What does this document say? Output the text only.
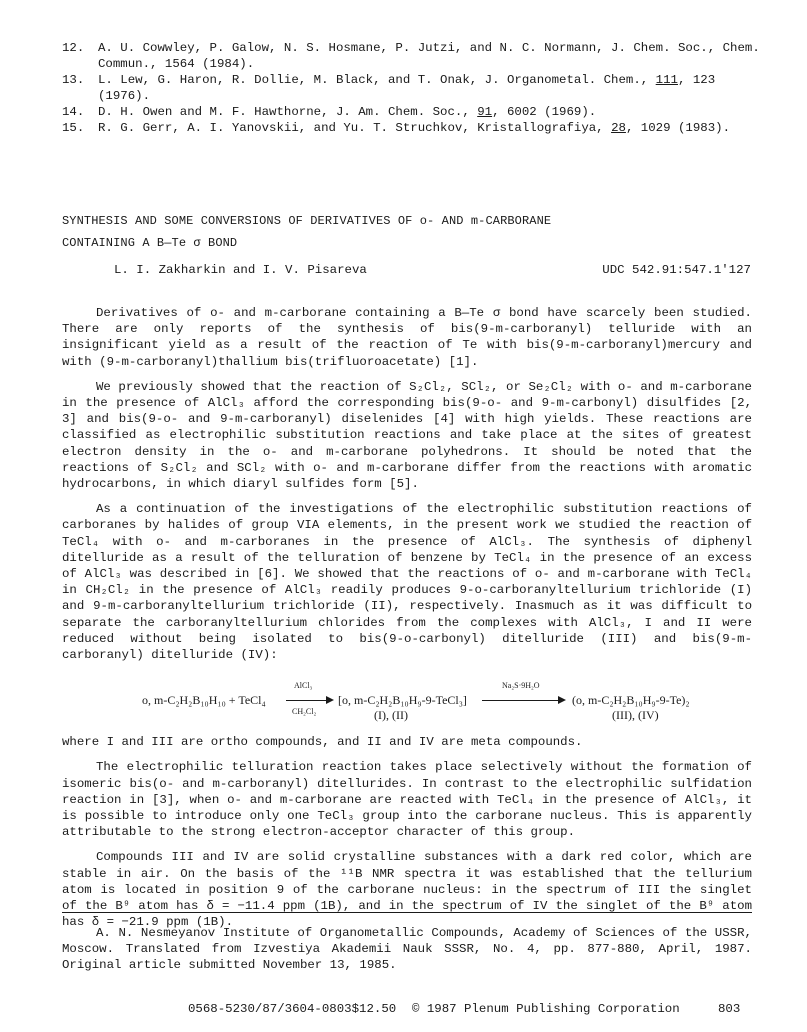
12.	A. U. Cowwley, P. Galow, N. S. Hosmane, P. Jutzi, and N. C. Normann, J. Chem. Soc., Chem. Commun., 1564 (1984).
13.	L. Lew, G. Haron, R. Dollie, M. Black, and T. Onak, J. Organometal. Chem., 111, 123 (1976).
14.	D. H. Owen and M. F. Hawthorne, J. Am. Chem. Soc., 91, 6002 (1969).
15.	R. G. Gerr, A. I. Yanovskii, and Yu. T. Struchkov, Kristallografiya, 28, 1029 (1983).
SYNTHESIS AND SOME CONVERSIONS OF DERIVATIVES OF o- AND m-CARBORANE
CONTAINING A B—Te σ BOND
L. I. Zakharkin and I. V. Pisareva	UDC 542.91:547.1'127

Derivatives of o- and m-carborane containing a B—Te σ bond have scarcely been studied. There are only reports of the synthesis of bis(9-m-carboranyl) telluride with an insignificant yield as a result of the reaction of Te with bis(9-m-carboranyl)mercury and with (9-m-carboranyl)thallium bis(trifluoroacetate) [1].

We previously showed that the reaction of S₂Cl₂, SCl₂, or Se₂Cl₂ with o- and m-carborane in the presence of AlCl₃ afford the corresponding bis(9-o- and 9-m-carbonyl) disulfides [2, 3] and bis(9-o- and 9-m-carboranyl) diselenides [4] with high yields. These reactions are classified as electrophilic substitution reactions and take place at the sites of greatest electron density in the o- and m-carborane polyhedrons. It should be noted that the reactions of S₂Cl₂ and SCl₂ with o- and m-carborane differ from the reactions with aromatic hydrocarbons, in which diaryl sulfides form [5].

As a continuation of the investigations of the electrophilic substitution reactions of carboranes by halides of group VIA elements, in the present work we studied the reaction of TeCl₄ with o- and m-carboranes in the presence of AlCl₃. The synthesis of diphenyl ditelluride as a result of the telluration of benzene by TeCl₄ in the presence of an excess of AlCl₃ was described in [6]. We showed that the reactions of o- and m-carborane with TeCl₄ in CH₂Cl₂ in the presence of AlCl₃ readily produces 9-o-carboranyltellurium trichloride (I) and 9-m-carboranyltellurium trichloride (II), respectively. Inasmuch as it was difficult to separate the carboranyltellurium chlorides from the complexes with AlCl₃, I and II were reduced without being isolated to bis(9-o-carbonyl) ditelluride (III) and bis(9-m-carboranyl) ditelluride (IV):

o, m-C₂H₂B₁₀H₁₀ + TeCl₄
AlCl₃
CH₂Cl₂
[o, m-C₂H₂B₁₀H₉-9-TeCl₃]
(I), (II)
Na₂S·9H₂O
(o, m-C₂H₂B₁₀H₉-9-Te)₂
(III), (IV)

where I and III are ortho compounds, and II and IV are meta compounds.

The electrophilic telluration reaction takes place selectively without the formation of isomeric bis(o- and m-carboranyl) ditellurides. In contrast to the electrophilic sulfidation reaction in [3], when o- and m-carborane are reacted with TeCl₄ in the presence of AlCl₃, it is possible to introduce only one TeCl₃ group into the carborane nucleus. This is apparently attributable to the strong electron-acceptor character of this group.

Compounds III and IV are solid crystalline substances with a dark red color, which are stable in air. On the basis of the ¹¹B NMR spectra it was established that the tellurium atom is located in position 9 of the carborane nucleus: in the spectrum of III the singlet of the B⁹ atom has δ = −11.4 ppm (1B), and in the spectrum of IV the singlet of the B⁹ atom has δ = −21.9 ppm (1B).

A. N. Nesmeyanov Institute of Organometallic Compounds, Academy of Sciences of the USSR, Moscow. Translated from Izvestiya Akademii Nauk SSSR, No. 4, pp. 877-880, April, 1987. Original article submitted November 13, 1985.

0568-5230/87/3604-0803$12.50 © 1987 Plenum Publishing Corporation	803
